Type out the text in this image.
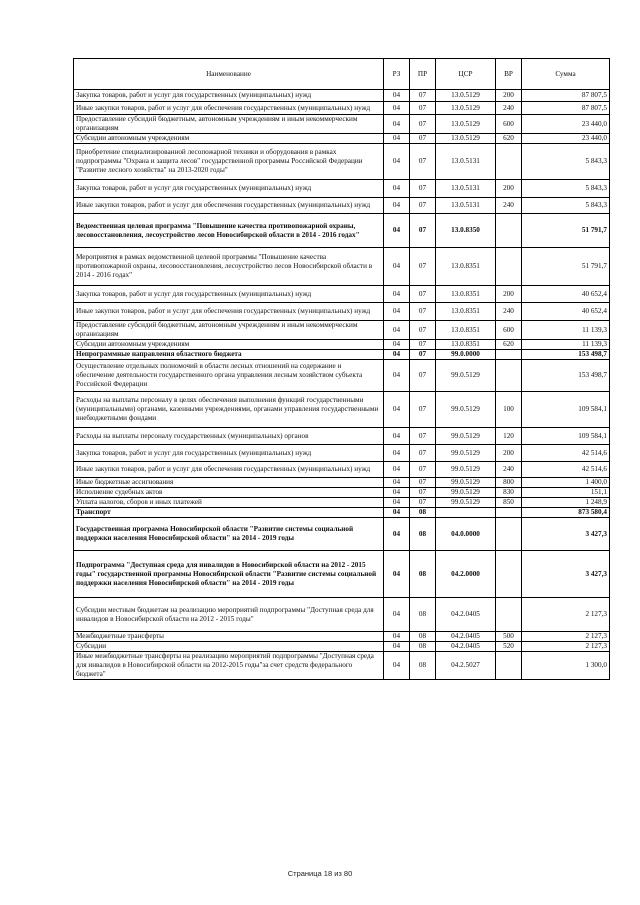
Наименование	РЗ	ПР	ЦСР	ВР	Сумма
Закупка товаров, работ и услуг для государственных (муниципальных) нужд	04	07	13.0.5129	200	87 807,5
Иные закупки товаров, работ и услуг для обеспечения государственных (муниципальных) нужд	04	07	13.0.5129	240	87 807,5
Предоставление субсидий бюджетным, автономным учреждениям и иным некоммерческим организациям	04	07	13.0.5129	600	23 440,0
Субсидии автономным учреждениям	04	07	13.0.5129	620	23 440,0
Приобретение специализированной лесопожарной техники и оборудования в рамках подпрограммы "Охрана и защита лесов" государственной программы Российской Федерации "Развитие лесного хозяйства" на 2013-2020 годы"	04	07	13.0.5131		5 843,3
Закупка товаров, работ и услуг для государственных (муниципальных) нужд	04	07	13.0.5131	200	5 843,3
Иные закупки товаров, работ и услуг для обеспечения государственных (муниципальных) нужд	04	07	13.0.5131	240	5 843,3
Ведомственная целевая программа "Повышение качества противопожарной охраны, лесовосстановления, лесоустройство лесов Новосибирской области в 2014 - 2016 годах"	04	07	13.0.8350		51 791,7
Мероприятия в рамках ведомственной целевой программы "Повышение качества противопожарной охраны, лесовосстановления, лесоустройство лесов Новосибирской области в 2014 - 2016 годах"	04	07	13.0.8351		51 791,7
Закупка товаров, работ и услуг для государственных (муниципальных) нужд	04	07	13.0.8351	200	40 652,4
Иные закупки товаров, работ и услуг для обеспечения государственных (муниципальных) нужд	04	07	13.0.8351	240	40 652,4
Предоставление субсидий бюджетным, автономным учреждениям и иным некоммерческим организациям	04	07	13.0.8351	600	11 139,3
Субсидии автономным учреждениям	04	07	13.0.8351	620	11 139,3
Непрограммные направления областного бюджета	04	07	99.0.0000		153 498,7
Осуществление отдельных полномочий в области лесных отношений на содержание и обеспечение деятельности государственного органа управления лесным хозяйством субъекта Российской Федерации	04	07	99.0.5129		153 498,7
Расходы на выплаты персоналу в целях обеспечения выполнения функций государственными (муниципальными) органами, казенными учреждениями, органами управления государственными внебюджетными фондами	04	07	99.0.5129	100	109 584,1
Расходы на выплаты персоналу государственных (муниципальных) органов	04	07	99.0.5129	120	109 584,1
Закупка товаров, работ и услуг для государственных (муниципальных) нужд	04	07	99.0.5129	200	42 514,6
Иные закупки товаров, работ и услуг для обеспечения государственных (муниципальных) нужд	04	07	99.0.5129	240	42 514,6
Иные бюджетные ассигнования	04	07	99.0.5129	800	1 400,0
Исполнение судебных актов	04	07	99.0.5129	830	151,1
Уплата налогов, сборов и иных платежей	04	07	99.0.5129	850	1 248,9
Транспорт	04	08			873 580,4
Государственная программа Новосибирской области "Развитие системы социальной поддержки населения Новосибирской области" на 2014 - 2019 годы	04	08	04.0.0000		3 427,3
Подпрограмма "Доступная среда для инвалидов в Новосибирской области на 2012 - 2015 годы" государственной программы Новосибирской области "Развитие системы социальной поддержки населения Новосибирской области" на 2014 - 2019 годы	04	08	04.2.0000		3 427,3
Субсидии местным бюджетам на реализацию мероприятий подпрограммы "Доступная среда для инвалидов в Новосибирской области на 2012 - 2015 годы"	04	08	04.2.0405		2 127,3
Межбюджетные трансферты	04	08	04.2.0405	500	2 127,3
Субсидии	04	08	04.2.0405	520	2 127,3
Иные межбюджетные трансферты на реализацию мероприятий подпрограммы "Доступная среда для инвалидов в Новосибирской области на 2012-2015 годы"за счет средств федерального бюджета"	04	08	04.2.5027		1 300,0
Страница 18 из 80
